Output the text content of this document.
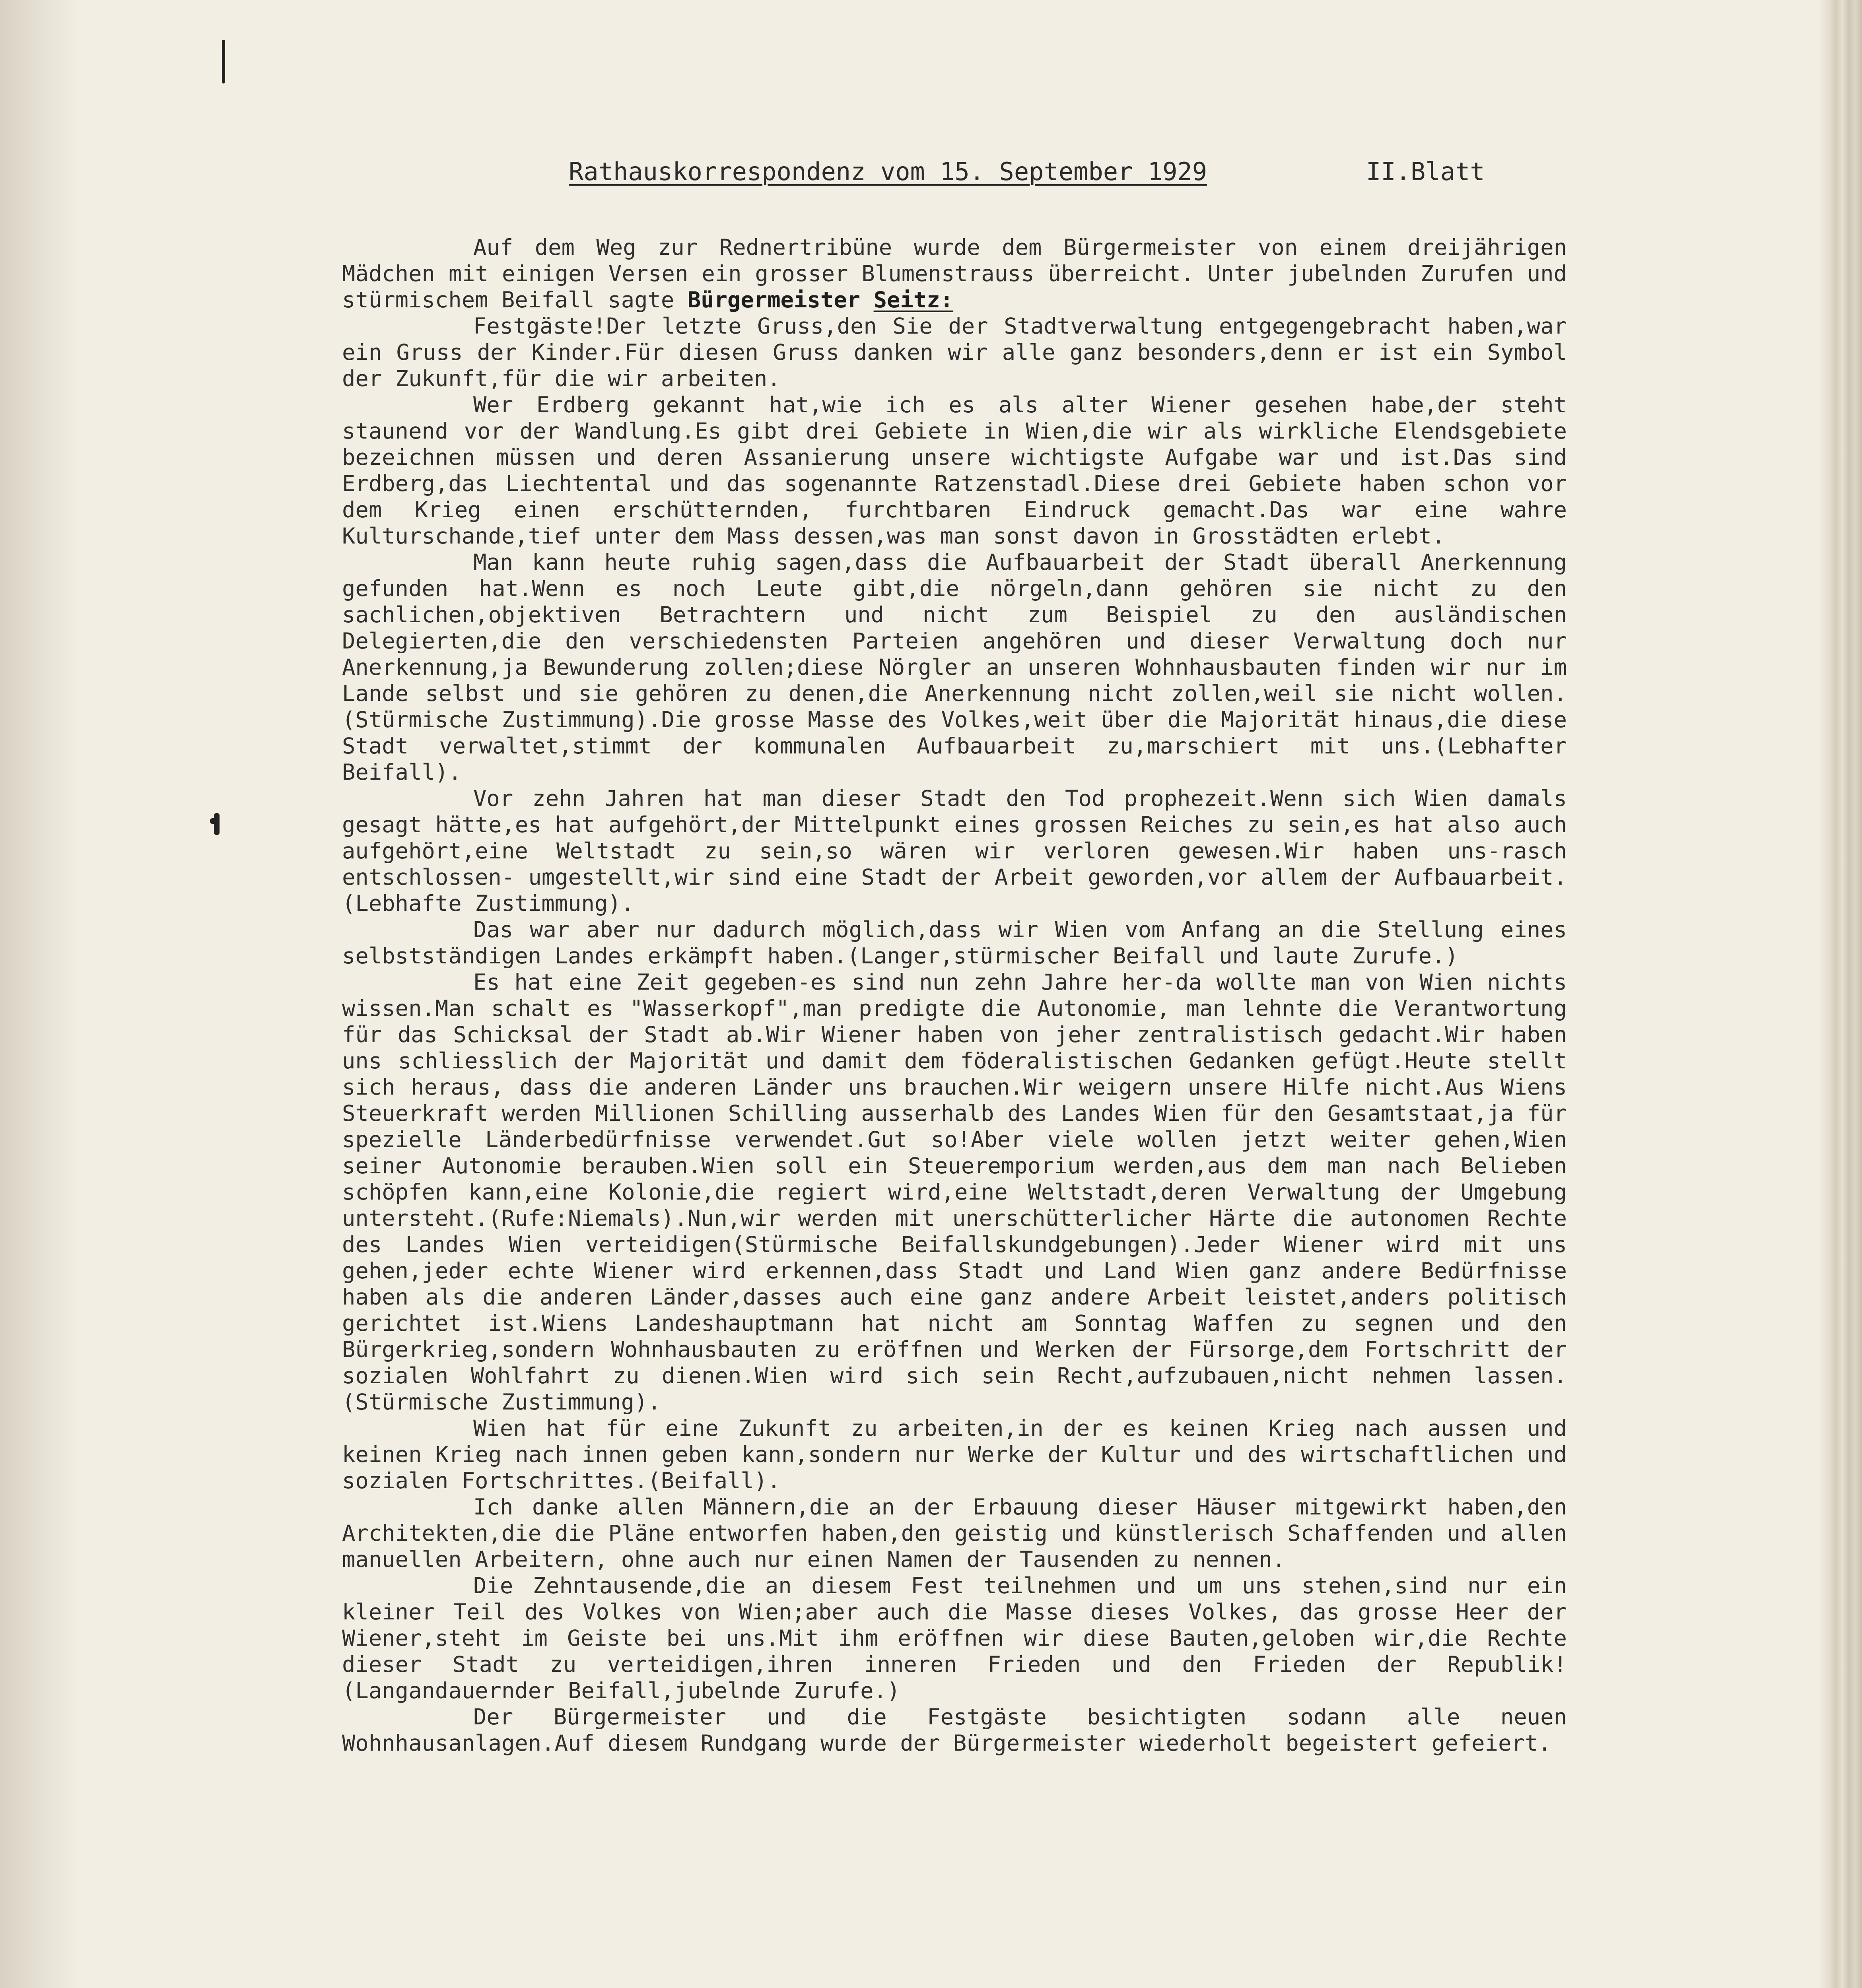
Rathauskorrespondenz vom 15. September 1929	II.Blatt

Auf dem Weg zur Rednertribüne wurde dem Bürgermeister von einem dreijährigen Mädchen mit einigen Versen ein grosser Blumenstrauss überreicht. Unter jubelnden Zurufen und stürmischem Beifall sagte Bürgermeister Seitz:

Festgäste!Der letzte Gruss,den Sie der Stadtverwaltung entgegengebracht haben,war ein Gruss der Kinder.Für diesen Gruss danken wir alle ganz besonders,denn er ist ein Symbol der Zukunft,für die wir arbeiten.

Wer Erdberg gekannt hat,wie ich es als alter Wiener gesehen habe,der steht staunend vor der Wandlung.Es gibt drei Gebiete in Wien,die wir als wirkliche Elendsgebiete bezeichnen müssen und deren Assanierung unsere wichtigste Aufgabe war und ist.Das sind Erdberg,das Liechtental und das sogenannte Ratzenstadl.Diese drei Gebiete haben schon vor dem Krieg einen erschütternden, furchtbaren Eindruck gemacht.Das war eine wahre Kulturschande,tief unter dem Mass dessen,was man sonst davon in Grosstädten erlebt.

Man kann heute ruhig sagen,dass die Aufbauarbeit der Stadt überall Anerkennung gefunden hat.Wenn es noch Leute gibt,die nörgeln,dann gehören sie nicht zu den sachlichen,objektiven Betrachtern und nicht zum Beispiel zu den ausländischen Delegierten,die den verschiedensten Parteien angehören und dieser Verwaltung doch nur Anerkennung,ja Bewunderung zollen;diese Nörgler an unseren Wohnhausbauten finden wir nur im Lande selbst und sie gehören zu denen,die Anerkennung nicht zollen,weil sie nicht wollen.(Stürmische Zustimmung).Die grosse Masse des Volkes,weit über die Majorität hinaus,die diese Stadt verwaltet,stimmt der kommunalen Aufbauarbeit zu,marschiert mit uns.(Lebhafter Beifall).

Vor zehn Jahren hat man dieser Stadt den Tod prophezeit.Wenn sich Wien damals gesagt hätte,es hat aufgehört,der Mittelpunkt eines grossen Reiches zu sein,es hat also auch aufgehört,eine Weltstadt zu sein,so wären wir verloren gewesen.Wir haben uns-rasch entschlossen- umgestellt,wir sind eine Stadt der Arbeit geworden,vor allem der Aufbauarbeit.(Lebhafte Zustimmung).

Das war aber nur dadurch möglich,dass wir Wien vom Anfang an die Stellung eines selbstständigen Landes erkämpft haben.(Langer,stürmischer Beifall und laute Zurufe.)

Es hat eine Zeit gegeben-es sind nun zehn Jahre her-da wollte man von Wien nichts wissen.Man schalt es "Wasserkopf",man predigte die Autonomie, man lehnte die Verantwortung für das Schicksal der Stadt ab.Wir Wiener haben von jeher zentralistisch gedacht.Wir haben uns schliesslich der Majorität und damit dem föderalistischen Gedanken gefügt.Heute stellt sich heraus, dass die anderen Länder uns brauchen.Wir weigern unsere Hilfe nicht.Aus Wiens Steuerkraft werden Millionen Schilling ausserhalb des Landes Wien für den Gesamtstaat,ja für spezielle Länderbedürfnisse verwendet.Gut so!Aber viele wollen jetzt weiter gehen,Wien seiner Autonomie berauben.Wien soll ein Steueremporium werden,aus dem man nach Belieben schöpfen kann,eine Kolonie,die regiert wird,eine Weltstadt,deren Verwaltung der Umgebung untersteht.(Rufe:Niemals).Nun,wir werden mit unerschütterlicher Härte die autonomen Rechte des Landes Wien verteidigen(Stürmische Beifallskundgebungen).Jeder Wiener wird mit uns gehen,jeder echte Wiener wird erkennen,dass Stadt und Land Wien ganz andere Bedürfnisse haben als die anderen Länder,dasses auch eine ganz andere Arbeit leistet,anders politisch gerichtet ist.Wiens Landeshauptmann hat nicht am Sonntag Waffen zu segnen und den Bürgerkrieg,sondern Wohnhausbauten zu eröffnen und Werken der Fürsorge,dem Fortschritt der sozialen Wohlfahrt zu dienen.Wien wird sich sein Recht,aufzubauen,nicht nehmen lassen.(Stürmische Zustimmung).

Wien hat für eine Zukunft zu arbeiten,in der es keinen Krieg nach aussen und keinen Krieg nach innen geben kann,sondern nur Werke der Kultur und des wirtschaftlichen und sozialen Fortschrittes.(Beifall).

Ich danke allen Männern,die an der Erbauung dieser Häuser mitgewirkt haben,den Architekten,die die Pläne entworfen haben,den geistig und künstlerisch Schaffenden und allen manuellen Arbeitern, ohne auch nur einen Namen der Tausenden zu nennen.

Die Zehntausende,die an diesem Fest teilnehmen und um uns stehen,sind nur ein kleiner Teil des Volkes von Wien;aber auch die Masse dieses Volkes, das grosse Heer der Wiener,steht im Geiste bei uns.Mit ihm eröffnen wir diese Bauten,geloben wir,die Rechte dieser Stadt zu verteidigen,ihren inneren Frieden und den Frieden der Republik!(Langandauernder Beifall,jubelnde Zurufe.)

Der Bürgermeister und die Festgäste besichtigten sodann alle neuen Wohnhausanlagen.Auf diesem Rundgang wurde der Bürgermeister wiederholt begeistert gefeiert.
